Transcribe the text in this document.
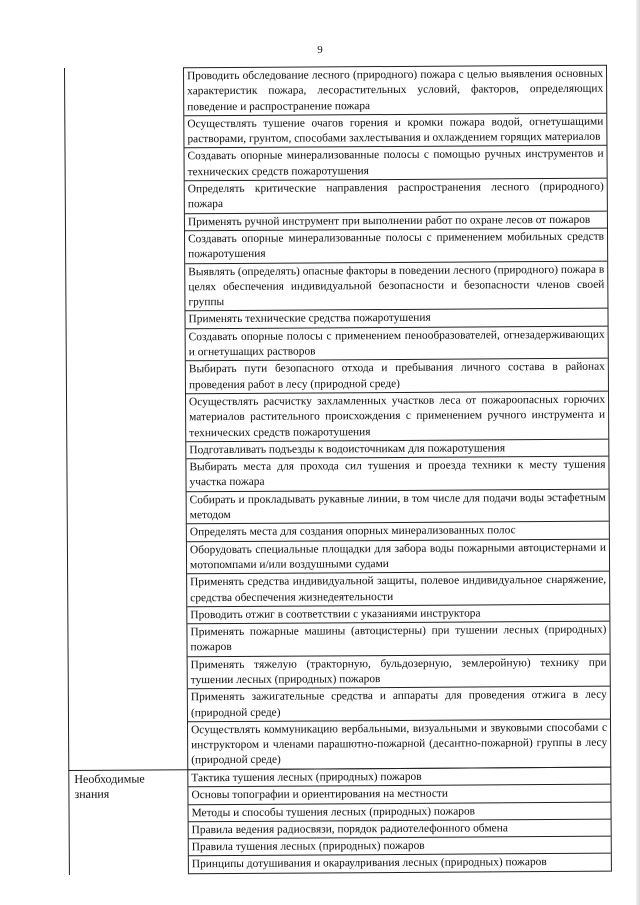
9
Проводить обследование лесного (природного) пожара с целью выявления основных характеристик пожара, лесорастительных условий, факторов, определяющих поведение и распространение пожара
Осуществлять тушение очагов горения и кромки пожара водой, огнетушащими растворами, грунтом, способами захлестывания и охлаждением горящих материалов
Создавать опорные минерализованные полосы с помощью ручных инструментов и технических средств пожаротушения
Определять критические направления распространения лесного (природного) пожара
Применять ручной инструмент при выполнении работ по охране лесов от пожаров
Создавать опорные минерализованные полосы с применением мобильных средств пожаротушения
Выявлять (определять) опасные факторы в поведении лесного (природного) пожара в целях обеспечения индивидуальной безопасности и безопасности членов своей группы
Применять технические средства пожаротушения
Создавать опорные полосы с применением пенообразователей, огнезадерживающих и огнетушащих растворов
Выбирать пути безопасного отхода и пребывания личного состава в районах проведения работ в лесу (природной среде)
Осуществлять расчистку захламленных участков леса от пожароопасных горючих материалов растительного происхождения с применением ручного инструмента и технических средств пожаротушения
Подготавливать подъезды к водоисточникам для пожаротушения
Выбирать места для прохода сил тушения и проезда техники к месту тушения участка пожара
Собирать и прокладывать рукавные линии, в том числе для подачи воды эстафетным методом
Определять места для создания опорных минерализованных полос
Оборудовать специальные площадки для забора воды пожарными автоцистернами и мотопомпами и/или воздушными судами
Применять средства индивидуальной защиты, полевое индивидуальное снаряжение, средства обеспечения жизнедеятельности
Проводить отжиг в соответствии с указаниями инструктора
Применять пожарные машины (автоцистерны) при тушении лесных (природных) пожаров
Применять тяжелую (тракторную, бульдозерную, землеройную) технику при тушении лесных (природных) пожаров
Применять зажигательные средства и аппараты для проведения отжига в лесу (природной среде)
Осуществлять коммуникацию вербальными, визуальными и звуковыми способами с инструктором и членами парашютно-пожарной (десантно-пожарной) группы в лесу (природной среде)
Необходимые знания
Тактика тушения лесных (природных) пожаров
Основы топографии и ориентирования на местности
Методы и способы тушения лесных (природных) пожаров
Правила ведения радиосвязи, порядок радиотелефонного обмена
Правила тушения лесных (природных) пожаров
Принципы дотушивания и окараулривания лесных (природных) пожаров
